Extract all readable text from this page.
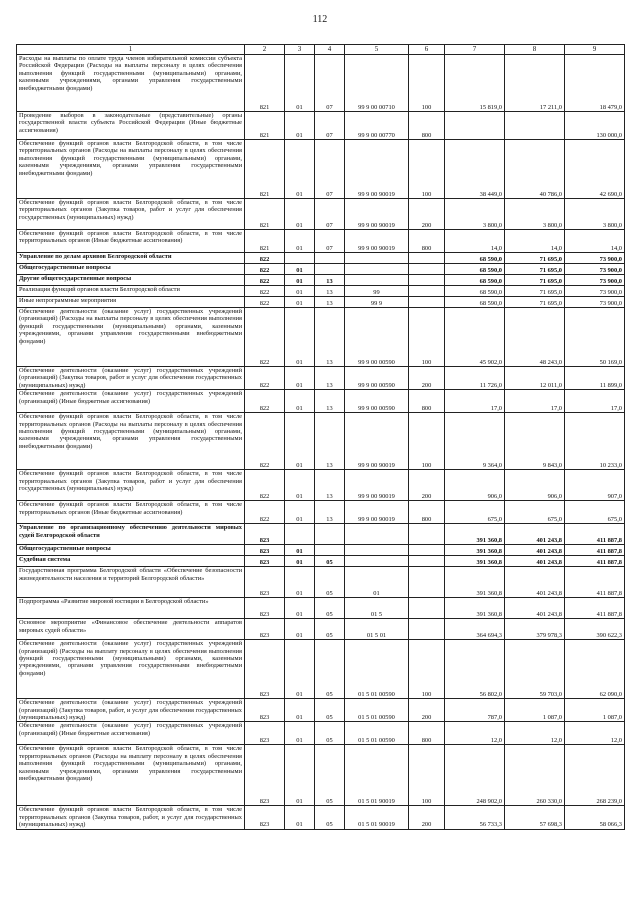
112
1	2	3	4	5	6	7	8	9
Расходы на выплаты по оплате труда членов избирательной комиссии субъекта Российской Федерации (Расходы на выплаты персоналу в целях обеспечения выполнения функций государственными (муниципальными) органами, казенными учреждениями, органами управления государственными внебюджетными фондами)	821	01	07	99 9 00 00710	100	15 819,0	17 211,0	18 479,0
Проведение выборов в законодательные (представительные) органы государственной власти субъекта Российской Федерации (Иные бюджетные ассигнования)	821	01	07	99 9 00 00770	800			130 000,0
Обеспечение функций органов власти Белгородской области, в том числе территориальных органов (Расходы на выплаты персоналу в целях обеспечения выполнения функций государственными (муниципальными) органами, казенными учреждениями, органами управления государственными внебюджетными фондами)	821	01	07	99 9 00 90019	100	38 449,0	40 786,0	42 690,0
Обеспечение функций органов власти Белгородской области, в том числе территориальных органов (Закупка товаров, работ и услуг для обеспечения государственных (муниципальных) нужд)	821	01	07	99 9 00 90019	200	3 800,0	3 800,0	3 800,0
Обеспечение функций органов власти Белгородской области, в том числе территориальных органов (Иные бюджетные ассигнования)	821	01	07	99 9 00 90019	800	14,0	14,0	14,0
Управление по делам архивов Белгородской области	822					68 590,0	71 695,0	73 900,0
Общегосударственные вопросы	822	01				68 590,0	71 695,0	73 900,0
Другие общегосударственные вопросы	822	01	13			68 590,0	71 695,0	73 900,0
Реализация функций органов власти Белгородской области	822	01	13	99		68 590,0	71 695,0	73 900,0
Иные непрограммные мероприятия	822	01	13	99 9		68 590,0	71 695,0	73 900,0
Обеспечение деятельности (оказание услуг) государственных учреждений (организаций) (Расходы на выплаты персоналу в целях обеспечения выполнения функций государственными (муниципальными) органами, казенными учреждениями, органами управления государственными внебюджетными фондами)	822	01	13	99 9 00 00590	100	45 902,0	48 243,0	50 169,0
Обеспечение деятельности (оказание услуг) государственных учреждений (организаций) (Закупка товаров, работ и услуг для обеспечения государственных (муниципальных) нужд)	822	01	13	99 9 00 00590	200	11 726,0	12 011,0	11 899,0
Обеспечение деятельности (оказание услуг) государственных учреждений (организаций) (Иные бюджетные ассигнования)	822	01	13	99 9 00 00590	800	17,0	17,0	17,0
Обеспечение функций органов власти Белгородской области, в том числе территориальных органов (Расходы на выплаты персоналу в целях обеспечения выполнения функций государственными (муниципальными) органами, казенными учреждениями, органами управления государственными внебюджетными фондами)	822	01	13	99 9 00 90019	100	9 364,0	9 843,0	10 233,0
Обеспечение функций органов власти Белгородской области, в том числе территориальных органов (Закупка товаров, работ и услуг для обеспечения государственных (муниципальных) нужд)	822	01	13	99 9 00 90019	200	906,0	906,0	907,0
Обеспечение функций органов власти Белгородской области, в том числе территориальных органов (Иные бюджетные ассигнования)	822	01	13	99 9 00 90019	800	675,0	675,0	675,0
Управление по организационному обеспечению деятельности мировых судей Белгородской области	823					391 360,8	401 243,8	411 887,8
Общегосударственные вопросы	823	01				391 360,8	401 243,8	411 887,8
Судебная система	823	01	05			391 360,8	401 243,8	411 887,8
Государственная программа Белгородской области «Обеспечение безопасности жизнедеятельности населения и территорий Белгородской области»	823	01	05	01		391 360,8	401 243,8	411 887,8
Подпрограмма «Развитие мировой юстиции в Белгородской области»	823	01	05	01 5		391 360,8	401 243,8	411 887,8
Основное мероприятие «Финансовое обеспечение деятельности аппаратов мировых судей области»	823	01	05	01 5 01		364 694,3	379 978,3	390 622,3
Обеспечение деятельности (оказание услуг) государственных учреждений (организаций) (Расходы на выплату персоналу в целях обеспечения выполнения функций государственными (муниципальными) органами, казенными учреждениями, органами управления государственными внебюджетными фондами)	823	01	05	01 5 01 00590	100	56 802,0	59 703,0	62 090,0
Обеспечение деятельности (оказание услуг) государственных учреждений (организаций) (Закупка товаров, работ, и услуг для обеспечения государственных (муниципальных) нужд)	823	01	05	01 5 01 00590	200	787,0	1 087,0	1 087,0
Обеспечение деятельности (оказание услуг) государственных учреждений (организаций) (Иные бюджетные ассигнования)	823	01	05	01 5 01 00590	800	12,0	12,0	12,0
Обеспечение функций органов власти Белгородской области, в том числе территориальных органов (Расходы на выплату персоналу в целях обеспечения выполнения функций государственными (муниципальными) органами, казенными учреждениями, органами управления государственными внебюджетными фондами)	823	01	05	01 5 01 90019	100	248 902,0	260 330,0	268 239,0
Обеспечение функций органов власти Белгородской области, в том числе территориальных органов (Закупка товаров, работ, и услуг для государственных (муниципальных) нужд)	823	01	05	01 5 01 90019	200	56 733,3	57 698,3	58 066,3
